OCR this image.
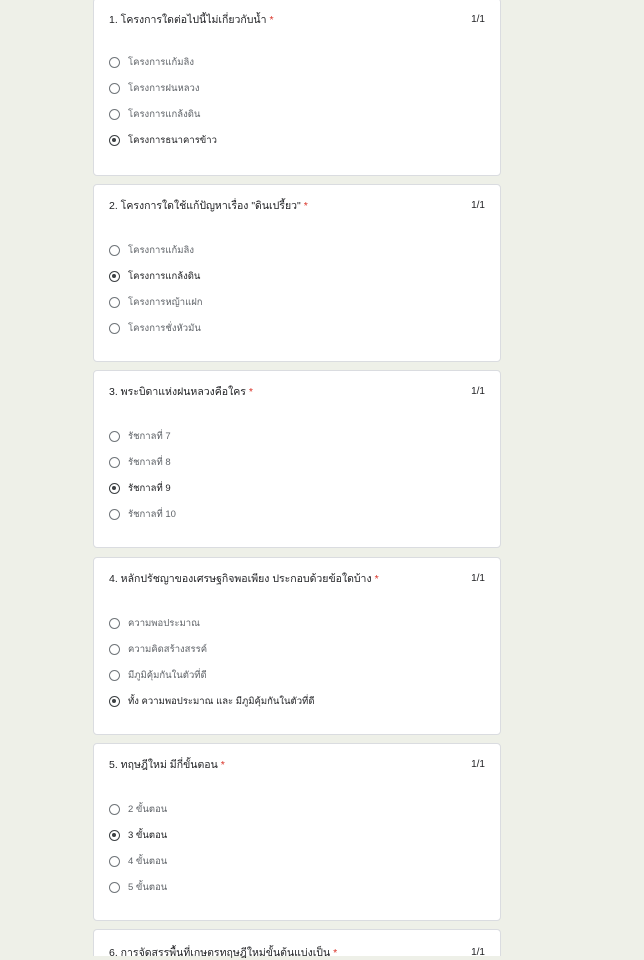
1. โครงการใดต่อไปนี้ไม่เกี่ยวกับน้ำ *	1/1
โครงการแก้มลิง
โครงการฝนหลวง
โครงการแกล้งดิน
โครงการธนาคารข้าว
2. โครงการใดใช้แก้ปัญหาเรื่อง "ดินเปรี้ยว" *	1/1
โครงการแก้มลิง
โครงการแกล้งดิน
โครงการหญ้าแฝก
โครงการชั่งหัวมัน
3. พระบิดาแห่งฝนหลวงคือใคร *	1/1
รัชกาลที่ 7
รัชกาลที่ 8
รัชกาลที่ 9
รัชกาลที่ 10
4. หลักปรัชญาของเศรษฐกิจพอเพียง ประกอบด้วยข้อใดบ้าง *	1/1
ความพอประมาณ
ความคิดสร้างสรรค์
มีภูมิคุ้มกันในตัวที่ดี
ทั้ง ความพอประมาณ และ มีภูมิคุ้มกันในตัวที่ดี
5. ทฤษฎีใหม่ มีกี่ขั้นตอน *	1/1
2 ขั้นตอน
3 ขั้นตอน
4 ขั้นตอน
5 ขั้นตอน
6. การจัดสรรพื้นที่เกษตรทฤษฎีใหม่ขั้นต้นแบ่งเป็น *	1/1
